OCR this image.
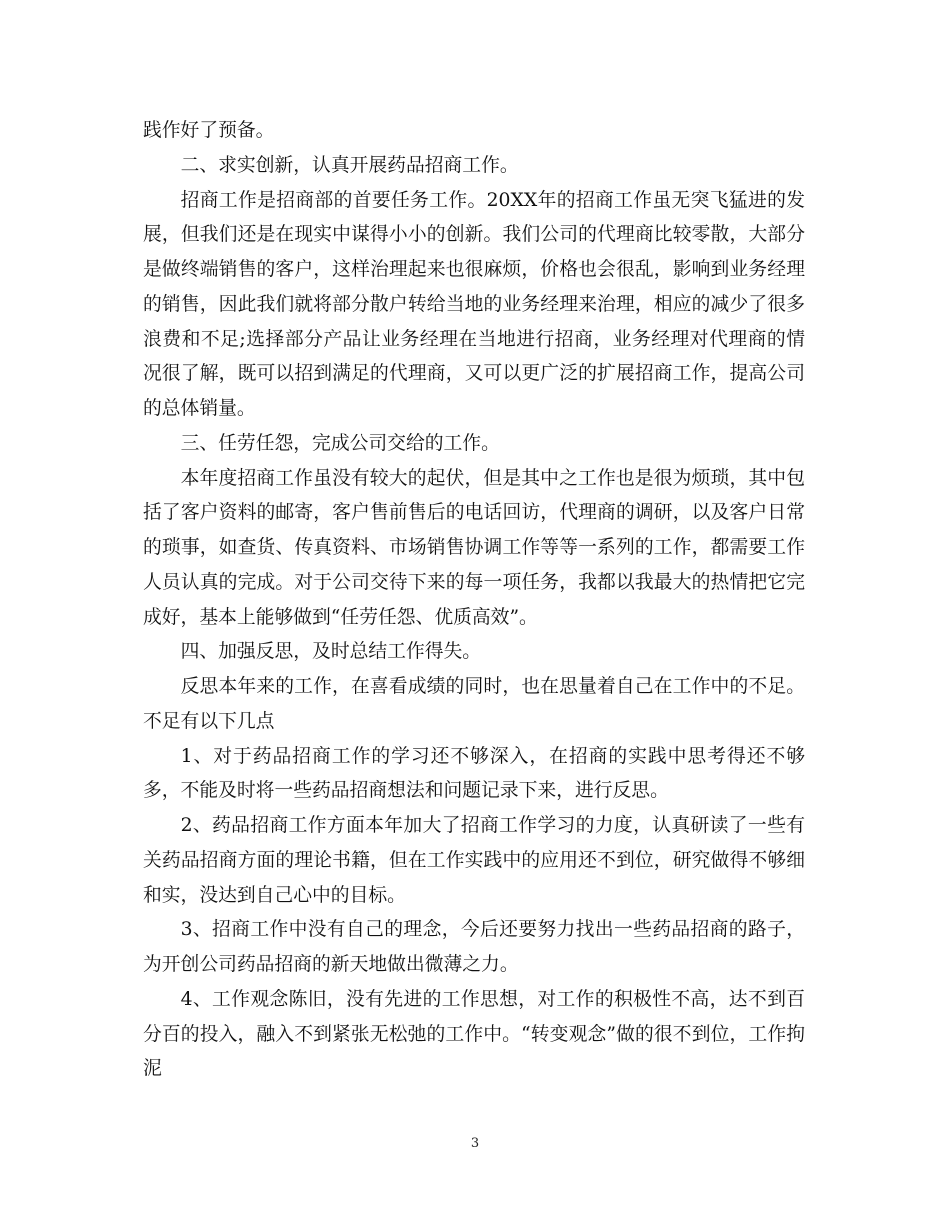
践作好了预备。

二、求实创新，认真开展药品招商工作。

招商工作是招商部的首要任务工作。20XX年的招商工作虽无突飞猛进的发展，但我们还是在现实中谋得小小的创新。我们公司的代理商比较零散，大部分是做终端销售的客户，这样治理起来也很麻烦，价格也会很乱，影响到业务经理的销售，因此我们就将部分散户转给当地的业务经理来治理，相应的减少了很多浪费和不足;选择部分产品让业务经理在当地进行招商，业务经理对代理商的情况很了解，既可以招到满足的代理商，又可以更广泛的扩展招商工作，提高公司的总体销量。

三、任劳任怨，完成公司交给的工作。

本年度招商工作虽没有较大的起伏，但是其中之工作也是很为烦琐，其中包括了客户资料的邮寄，客户售前售后的电话回访，代理商的调研，以及客户日常的琐事，如查货、传真资料、市场销售协调工作等等一系列的工作，都需要工作人员认真的完成。对于公司交待下来的每一项任务，我都以我最大的热情把它完成好，基本上能够做到“任劳任怨、优质高效”。

四、加强反思，及时总结工作得失。

反思本年来的工作，在喜看成绩的同时，也在思量着自己在工作中的不足。不足有以下几点

1、对于药品招商工作的学习还不够深入，在招商的实践中思考得还不够多，不能及时将一些药品招商想法和问题记录下来，进行反思。

2、药品招商工作方面本年加大了招商工作学习的力度，认真研读了一些有关药品招商方面的理论书籍，但在工作实践中的应用还不到位，研究做得不够细和实，没达到自己心中的目标。

3、招商工作中没有自己的理念，今后还要努力找出一些药品招商的路子，为开创公司药品招商的新天地做出微薄之力。

4、工作观念陈旧，没有先进的工作思想，对工作的积极性不高，达不到百分百的投入，融入不到紧张无松弛的工作中。“转变观念”做的很不到位，工作拘泥

3
